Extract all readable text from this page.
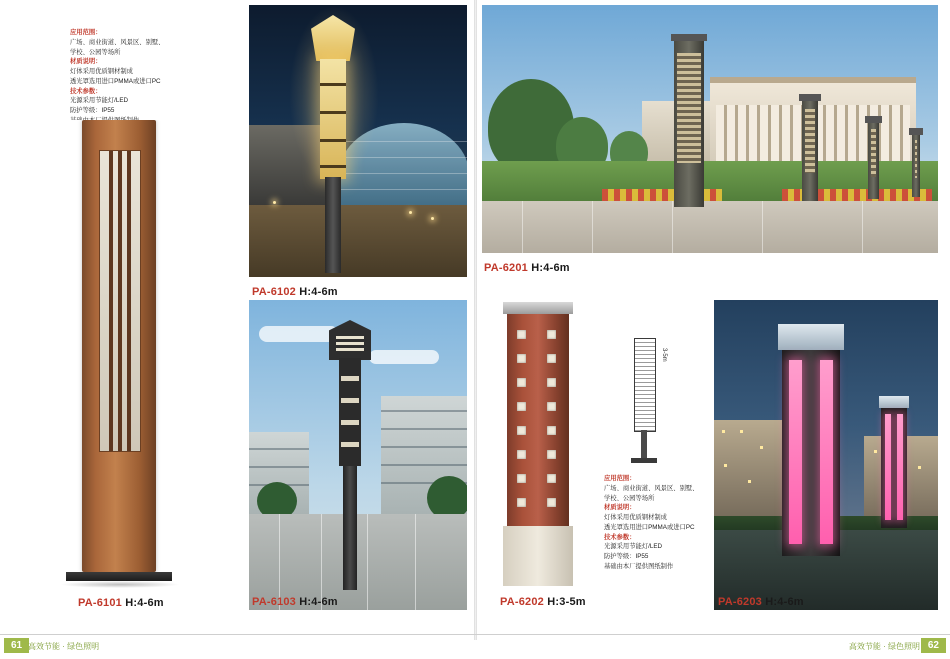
应用范围：

广场、商业街道、风景区、别墅、

学校、公园等场所

材质说明：

灯体采用优质钢材制成

透光罩选用进口PMMA或进口PC

技术参数：

光源采用节能灯/LED

防护等级：IP55

PA-6101 H:4-6m
PA-6102 H:4-6m
PA-6201 H:4-6m
PA-6103 H:4-6m
3-5m
PA-6202 H:3-5m

应用范围：

广场、商业街道、风景区、别墅、

学校、公园等场所

材质说明：

灯体采用优质钢材制成

透光罩选用进口PMMA或进口PC

技术参数：

光源采用节能灯/LED

防护等级：IP55

基础由本厂提供图纸制作

PA-6203 H:4-6m
61 高效节能 · 绿色照明	62
高效节能 · 绿色照明
